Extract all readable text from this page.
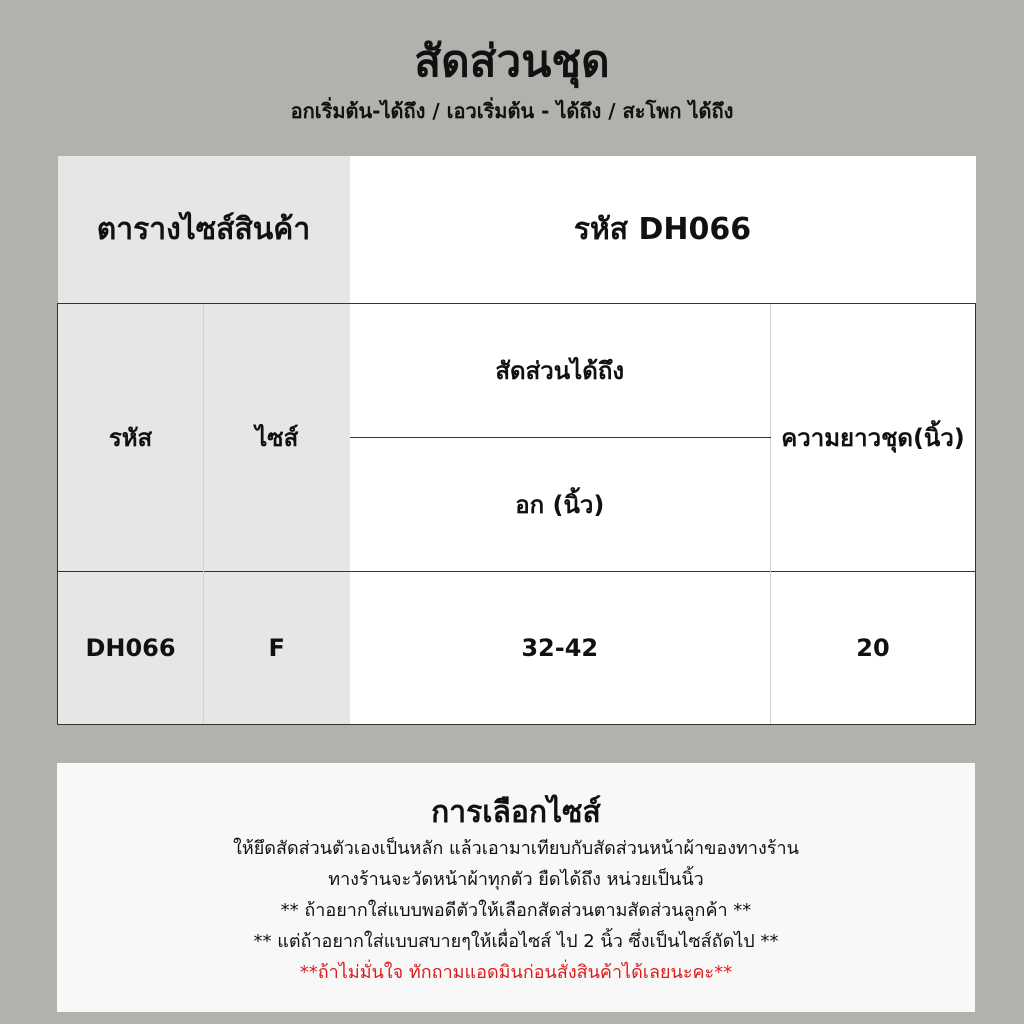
สัดส่วนชุด
อกเริ่มต้น-ได้ถึง / เอวเริ่มต้น - ได้ถึง / สะโพก ได้ถึง
ตารางไซส์สินค้า		รหัส DH066	
รหัส	ไซส์	สัดส่วนได้ถึง	ความยาวชุด(นิ้ว)
		อก (นิ้ว)	
DH066	F	32-42	20
การเลือกไซส์
ให้ยึดสัดส่วนตัวเองเป็นหลัก แล้วเอามาเทียบกับสัดส่วนหน้าผ้าของทางร้าน
ทางร้านจะวัดหน้าผ้าทุกตัว ยืดได้ถึง หน่วยเป็นนิ้ว
** ถ้าอยากใส่แบบพอดีตัวให้เลือกสัดส่วนตามสัดส่วนลูกค้า **
** แต่ถ้าอยากใส่แบบสบายๆให้เผื่อไซส์ ไป 2 นิ้ว ซึ่งเป็นไซส์ถัดไป **
**ถ้าไม่มั่นใจ ทักถามแอดมินก่อนสั่งสินค้าได้เลยนะคะ**
